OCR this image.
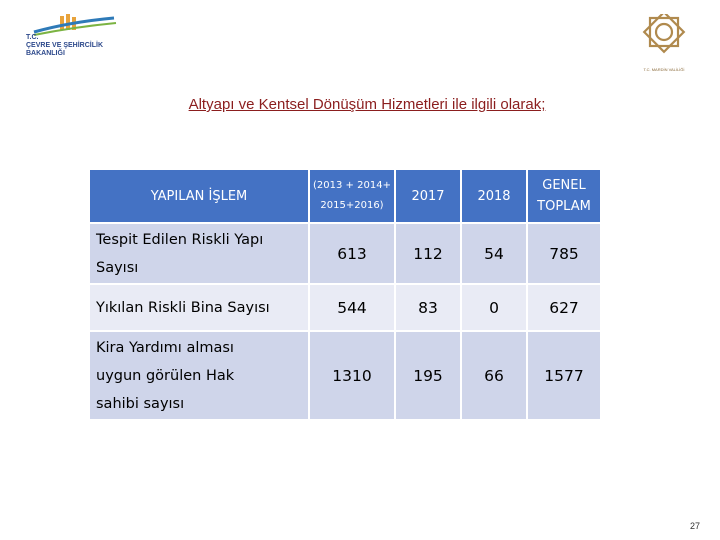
T.C.
ÇEVRE VE ŞEHİRCİLİK
BAKANLIĞI
T.C. MARDİN VALİLİĞİ
Altyapı ve Kentsel Dönüşüm Hizmetleri ile ilgili olarak;
YAPILAN İŞLEM	(2013 + 2014+
2015+2016)	2017	2018	GENEL
TOPLAM
Tespit Edilen Riskli Yapı
Sayısı	613	112	54	785
Yıkılan Riskli Bina Sayısı	544	83	0	627
Kira Yardımı alması
uygun görülen Hak
sahibi sayısı	1310	195	66	1577
27
